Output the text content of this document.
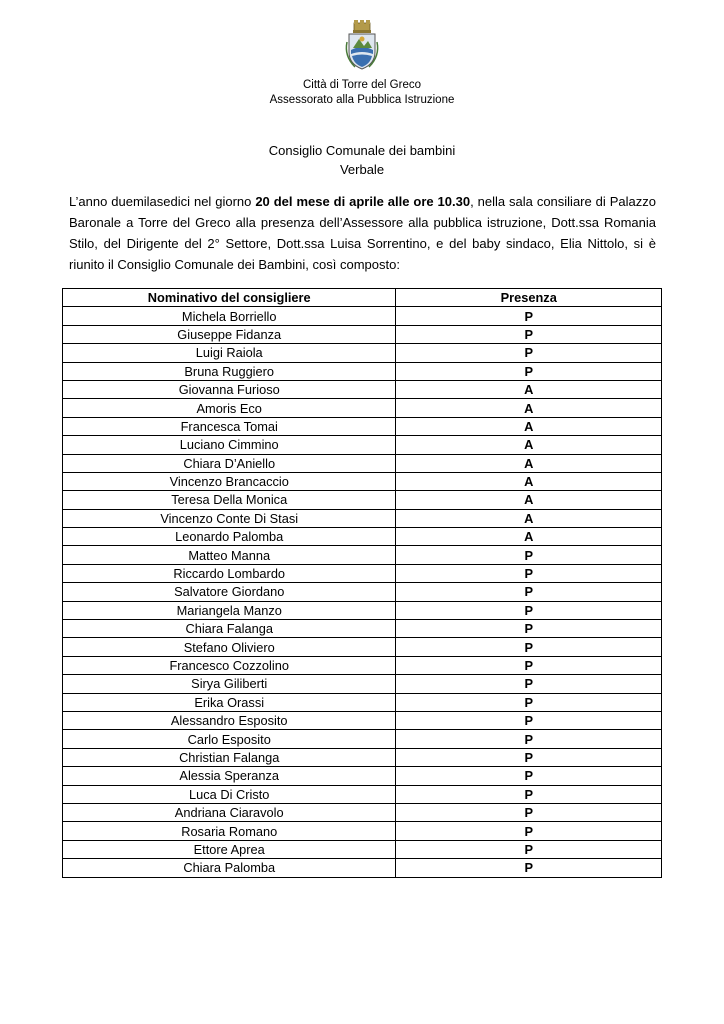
Città di Torre del Greco
Assessorato alla Pubblica Istruzione
Consiglio Comunale dei bambini
Verbale

L’anno duemilasedici nel giorno 20 del mese di aprile alle ore 10.30, nella sala consiliare di Palazzo Baronale a Torre del Greco alla presenza dell’Assessore alla pubblica istruzione, Dott.ssa Romania Stilo, del Dirigente del 2° Settore, Dott.ssa Luisa Sorrentino, e del baby sindaco, Elia Nittolo, si è riunito il Consiglio Comunale dei Bambini, così composto:

Nominativo del consigliere	Presenza
Michela Borriello	P
Giuseppe Fidanza	P
Luigi Raiola	P
Bruna Ruggiero	P
Giovanna Furioso	A
Amoris Eco	A
Francesca Tomai	A
Luciano Cimmino	A
Chiara D’Aniello	A
Vincenzo Brancaccio	A
Teresa Della Monica	A
Vincenzo Conte Di Stasi	A
Leonardo Palomba	A
Matteo Manna	P
Riccardo Lombardo	P
Salvatore Giordano	P
Mariangela Manzo	P
Chiara Falanga	P
Stefano Oliviero	P
Francesco Cozzolino	P
Sirya Giliberti	P
Erika Orassi	P
Alessandro Esposito	P
Carlo Esposito	P
Christian Falanga	P
Alessia Speranza	P
Luca Di Cristo	P
Andriana Ciaravolo	P
Rosaria Romano	P
Ettore Aprea	P
Chiara Palomba	P
